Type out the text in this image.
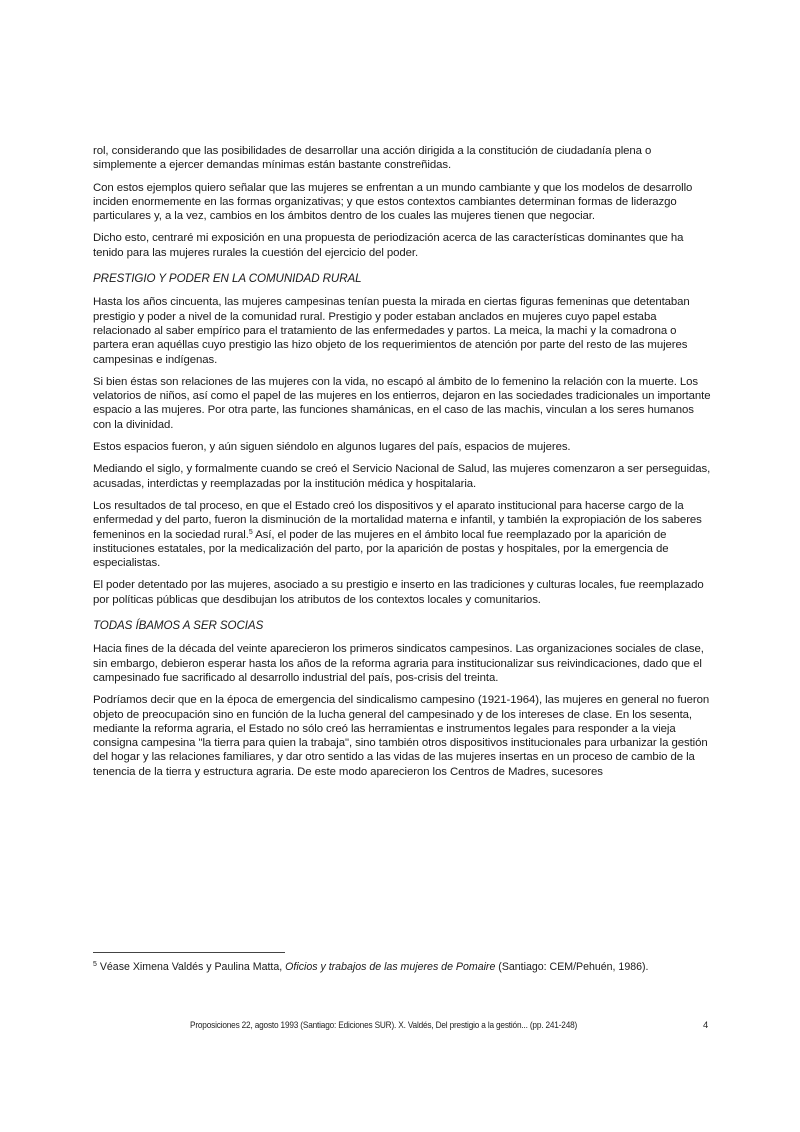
rol, considerando que las posibilidades de desarrollar una acción dirigida a la constitución de ciudadanía plena o simplemente a ejercer demandas mínimas están bastante constreñidas.

Con estos ejemplos quiero señalar que las mujeres se enfrentan a un mundo cambiante y que los modelos de desarrollo inciden enormemente en las formas organizativas; y que estos contextos cambiantes determinan formas de liderazgo particulares y, a la vez, cambios en los ámbitos dentro de los cuales las mujeres tienen que negociar.

Dicho esto, centraré mi exposición en una propuesta de periodización acerca de las características dominantes que ha tenido para las mujeres rurales la cuestión del ejercicio del poder.

PRESTIGIO Y PODER EN LA COMUNIDAD RURAL

Hasta los años cincuenta, las mujeres campesinas tenían puesta la mirada en ciertas figuras femeninas que detentaban prestigio y poder a nivel de la comunidad rural. Prestigio y poder estaban anclados en mujeres cuyo papel estaba relacionado al saber empírico para el tratamiento de las enfermedades y partos. La meica, la machi y la comadrona o partera eran aquéllas cuyo prestigio las hizo objeto de los requerimientos de atención por parte del resto de las mujeres campesinas e indígenas.

Si bien éstas son relaciones de las mujeres con la vida, no escapó al ámbito de lo femenino la relación con la muerte. Los velatorios de niños, así como el papel de las mujeres en los entierros, dejaron en las sociedades tradicionales un importante espacio a las mujeres. Por otra parte, las funciones shamánicas, en el caso de las machis, vinculan a los seres humanos con la divinidad.

Estos espacios fueron, y aún siguen siéndolo en algunos lugares del país, espacios de mujeres.

Mediando el siglo, y formalmente cuando se creó el Servicio Nacional de Salud, las mujeres comenzaron a ser perseguidas, acusadas, interdictas y reemplazadas por la institución médica y hospitalaria.

Los resultados de tal proceso, en que el Estado creó los dispositivos y el aparato institucional para hacerse cargo de la enfermedad y del parto, fueron la disminución de la mortalidad materna e infantil, y también la expropiación de los saberes femeninos en la sociedad rural.$^5$ Así, el poder de las mujeres en el ámbito local fue reemplazado por la aparición de instituciones estatales, por la medicalización del parto, por la aparición de postas y hospitales, por la emergencia de especialistas.

El poder detentado por las mujeres, asociado a su prestigio e inserto en las tradiciones y culturas locales, fue reemplazado por políticas públicas que desdibujan los atributos de los contextos locales y comunitarios.

TODAS ÍBAMOS A SER SOCIAS

Hacia fines de la década del veinte aparecieron los primeros sindicatos campesinos. Las organizaciones sociales de clase, sin embargo, debieron esperar hasta los años de la reforma agraria para institucionalizar sus reivindicaciones, dado que el campesinado fue sacrificado al desarrollo industrial del país, pos-crisis del treinta.

Podríamos decir que en la época de emergencia del sindicalismo campesino (1921-1964), las mujeres en general no fueron objeto de preocupación sino en función de la lucha general del campesinado y de los intereses de clase. En los sesenta, mediante la reforma agraria, el Estado no sólo creó las herramientas e instrumentos legales para responder a la vieja consigna campesina "la tierra para quien la trabaja", sino también otros dispositivos institucionales para urbanizar la gestión del hogar y las relaciones familiares, y dar otro sentido a las vidas de las mujeres insertas en un proceso de cambio de la tenencia de la tierra y estructura agraria. De este modo aparecieron los Centros de Madres, sucesores

$^5$ Véase Ximena Valdés y Paulina Matta, Oficios y trabajos de las mujeres de Pomaire (Santiago: CEM/Pehuén, 1986).
Proposiciones 22, agosto 1993 (Santiago: Ediciones SUR). X. Valdés, Del prestigio a la gestión... (pp. 241-248)	4
